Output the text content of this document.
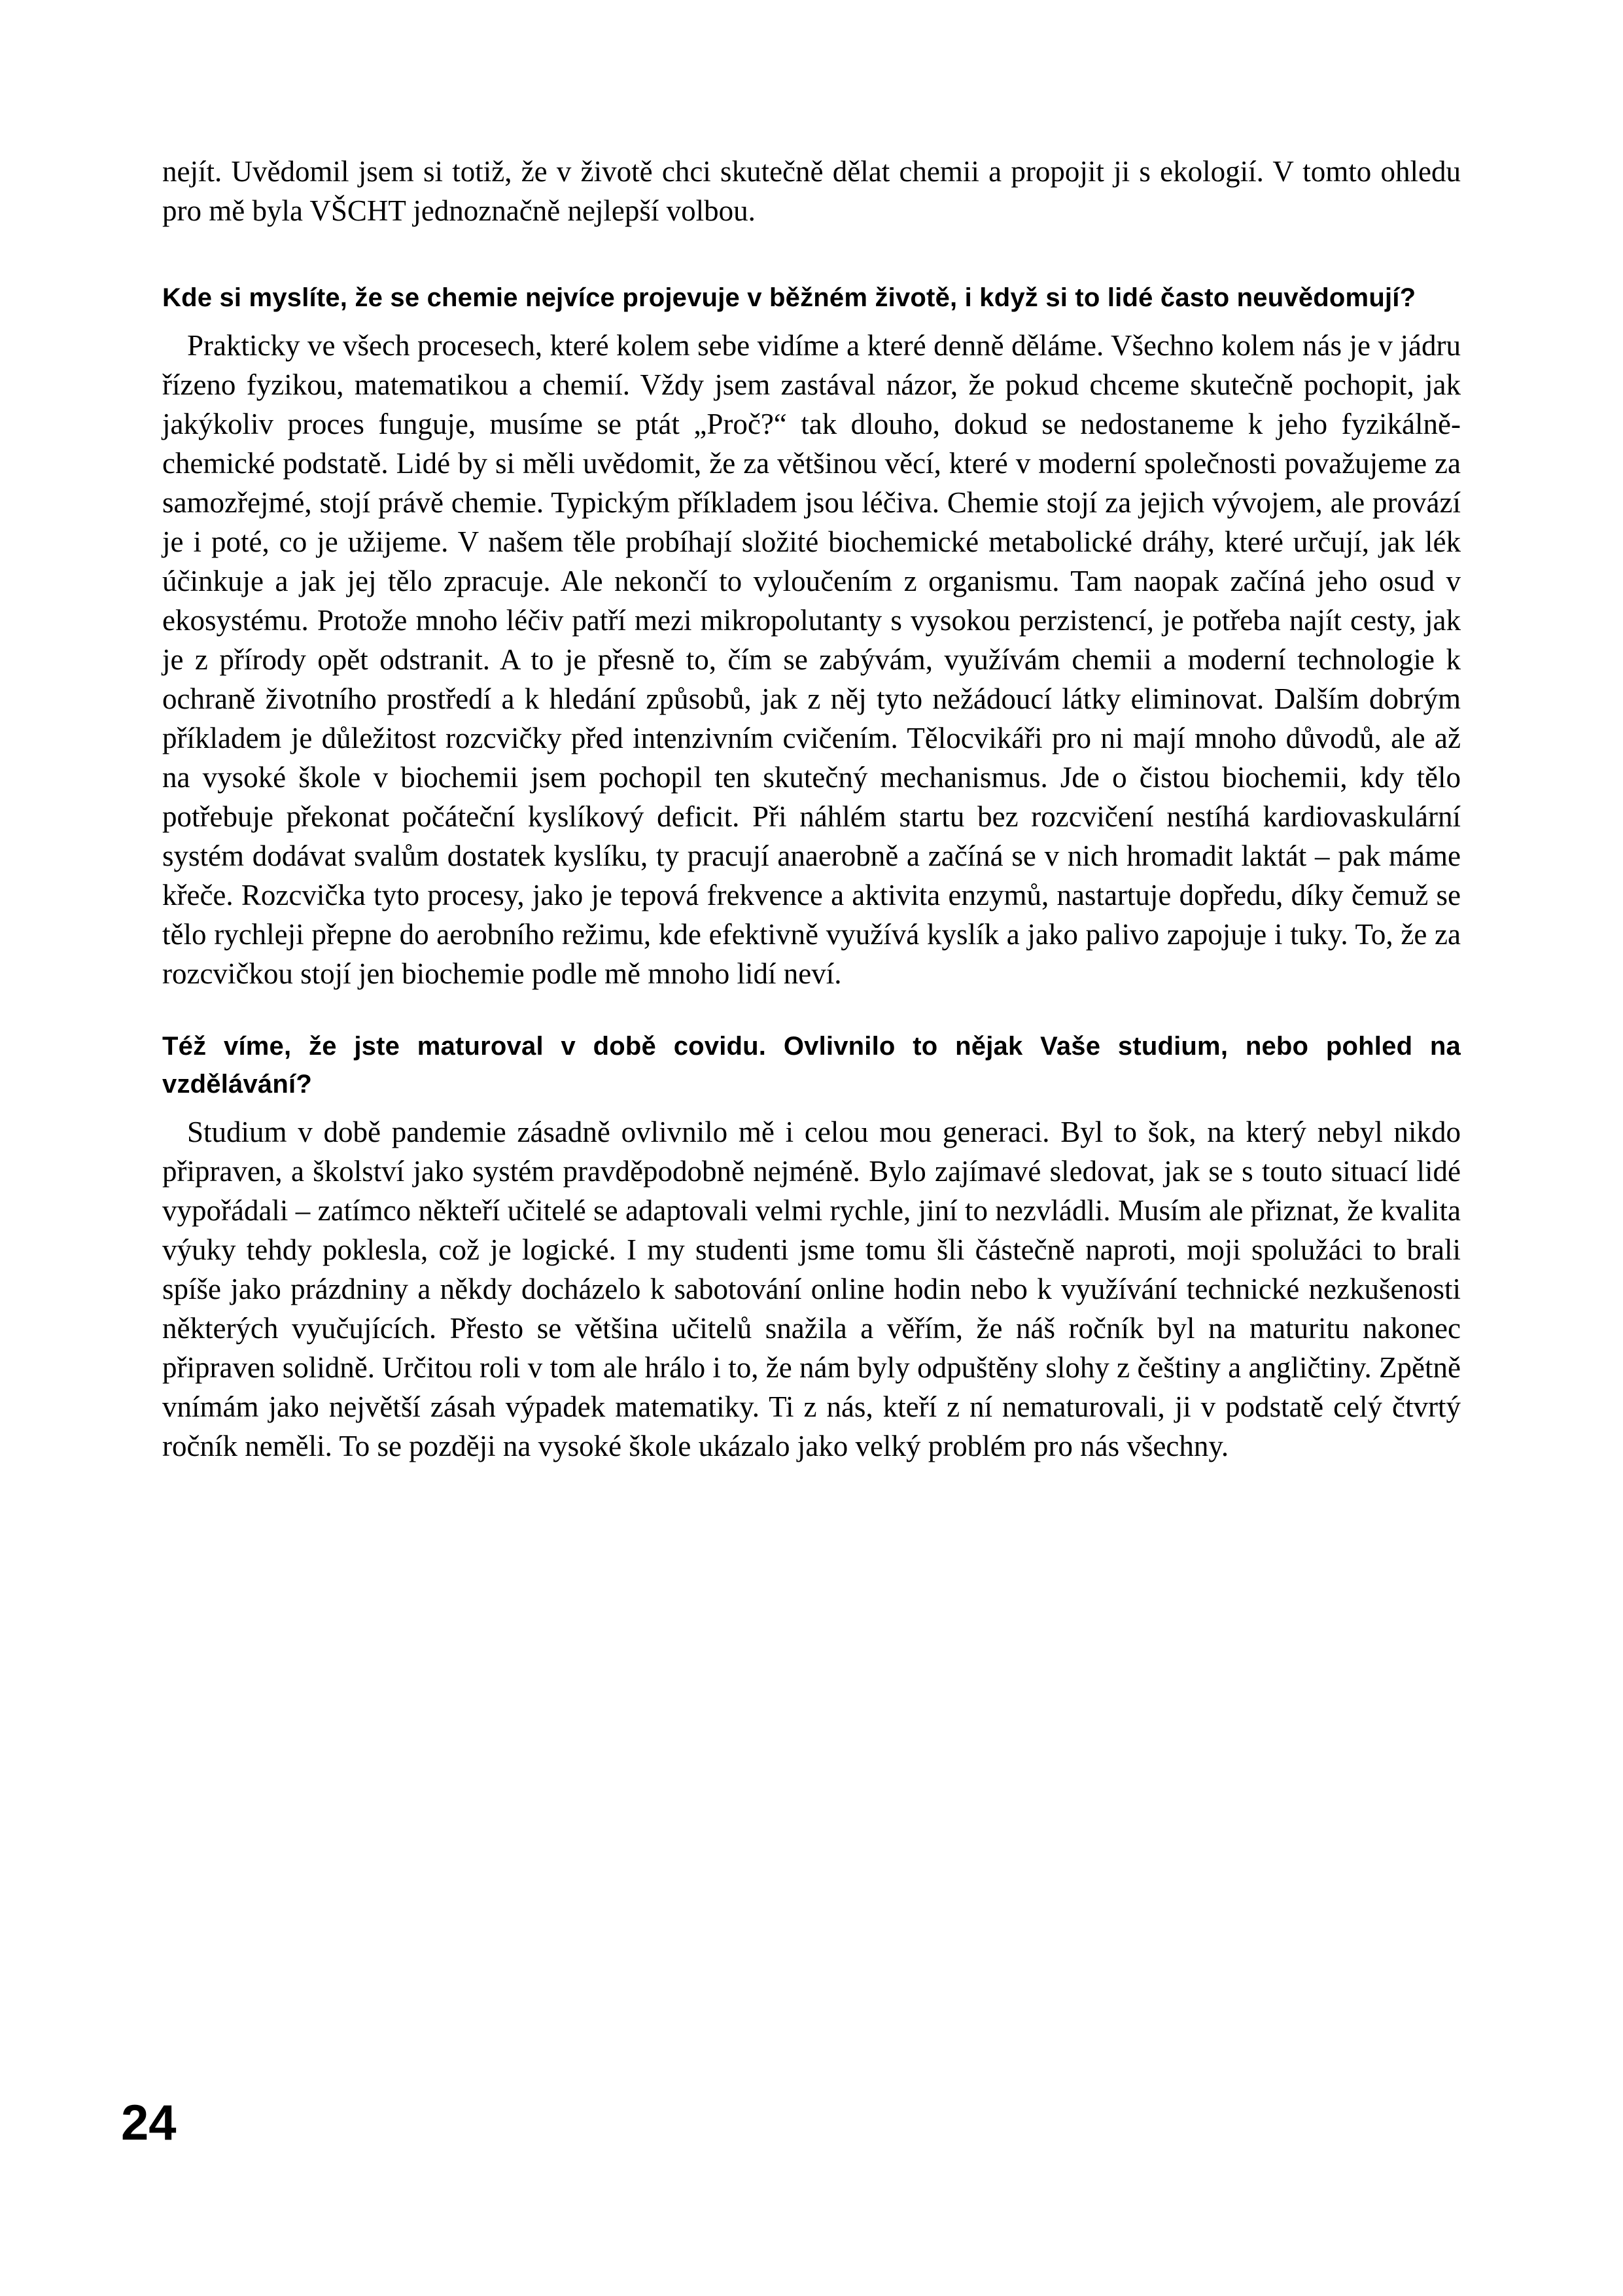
nejít. Uvědomil jsem si totiž, že v životě chci skutečně dělat chemii a propojit ji s ekologií. V tomto ohledu pro mě byla VŠCHT jednoznačně nejlepší volbou.

Kde si myslíte, že se chemie nejvíce projevuje v běžném životě, i když si to lidé často neuvědomují?

Prakticky ve všech procesech, které kolem sebe vidíme a které denně děláme. Všechno kolem nás je v jádru řízeno fyzikou, matematikou a chemií. Vždy jsem zastával názor, že pokud chceme skutečně pochopit, jak jakýkoliv proces funguje, musíme se ptát „Proč?“ tak dlouho, dokud se nedostaneme k jeho fyzikálně-chemické podstatě. Lidé by si měli uvědomit, že za většinou věcí, které v moderní společnosti považujeme za samozřejmé, stojí právě chemie. Typickým příkladem jsou léčiva. Chemie stojí za jejich vývojem, ale provází je i poté, co je užijeme. V našem těle probíhají složité biochemické metabolické dráhy, které určují, jak lék účinkuje a jak jej tělo zpracuje. Ale nekončí to vyloučením z organismu. Tam naopak začíná jeho osud v ekosystému. Protože mnoho léčiv patří mezi mikropolutanty s vysokou perzistencí, je potřeba najít cesty, jak je z přírody opět odstranit. A to je přesně to, čím se zabývám, využívám chemii a moderní technologie k ochraně životního prostředí a k hledání způsobů, jak z něj tyto nežádoucí látky eliminovat. Dalším dobrým příkladem je důležitost rozcvičky před intenzivním cvičením. Tělocvikáři pro ni mají mnoho důvodů, ale až na vysoké škole v biochemii jsem pochopil ten skutečný mechanismus. Jde o čistou biochemii, kdy tělo potřebuje překonat počáteční kyslíkový deficit. Při náhlém startu bez rozcvičení nestíhá kardiovaskulární systém dodávat svalům dostatek kyslíku, ty pracují anaerobně a začíná se v nich hromadit laktát – pak máme křeče. Rozcvička tyto procesy, jako je tepová frekvence a aktivita enzymů, nastartuje dopředu, díky čemuž se tělo rychleji přepne do aerobního režimu, kde efektivně využívá kyslík a jako palivo zapojuje i tuky. To, že za rozcvičkou stojí jen biochemie podle mě mnoho lidí neví.

Též víme, že jste maturoval v době covidu. Ovlivnilo to nějak Vaše studium, nebo pohled na vzdělávání?

Studium v době pandemie zásadně ovlivnilo mě i celou mou generaci. Byl to šok, na který nebyl nikdo připraven, a školství jako systém pravděpodobně nejméně. Bylo zajímavé sledovat, jak se s touto situací lidé vypořádali – zatímco někteří učitelé se adaptovali velmi rychle, jiní to nezvládli. Musím ale přiznat, že kvalita výuky tehdy poklesla, což je logické. I my studenti jsme tomu šli částečně naproti, moji spolužáci to brali spíše jako prázdniny a někdy docházelo k sabotování online hodin nebo k využívání technické nezkušenosti některých vyučujících. Přesto se většina učitelů snažila a věřím, že náš ročník byl na maturitu nakonec připraven solidně. Určitou roli v tom ale hrálo i to, že nám byly odpuštěny slohy z češtiny a angličtiny. Zpětně vnímám jako největší zásah výpadek matematiky. Ti z nás, kteří z ní nematurovali, ji v podstatě celý čtvrtý ročník neměli. To se později na vysoké škole ukázalo jako velký problém pro nás všechny.

24
